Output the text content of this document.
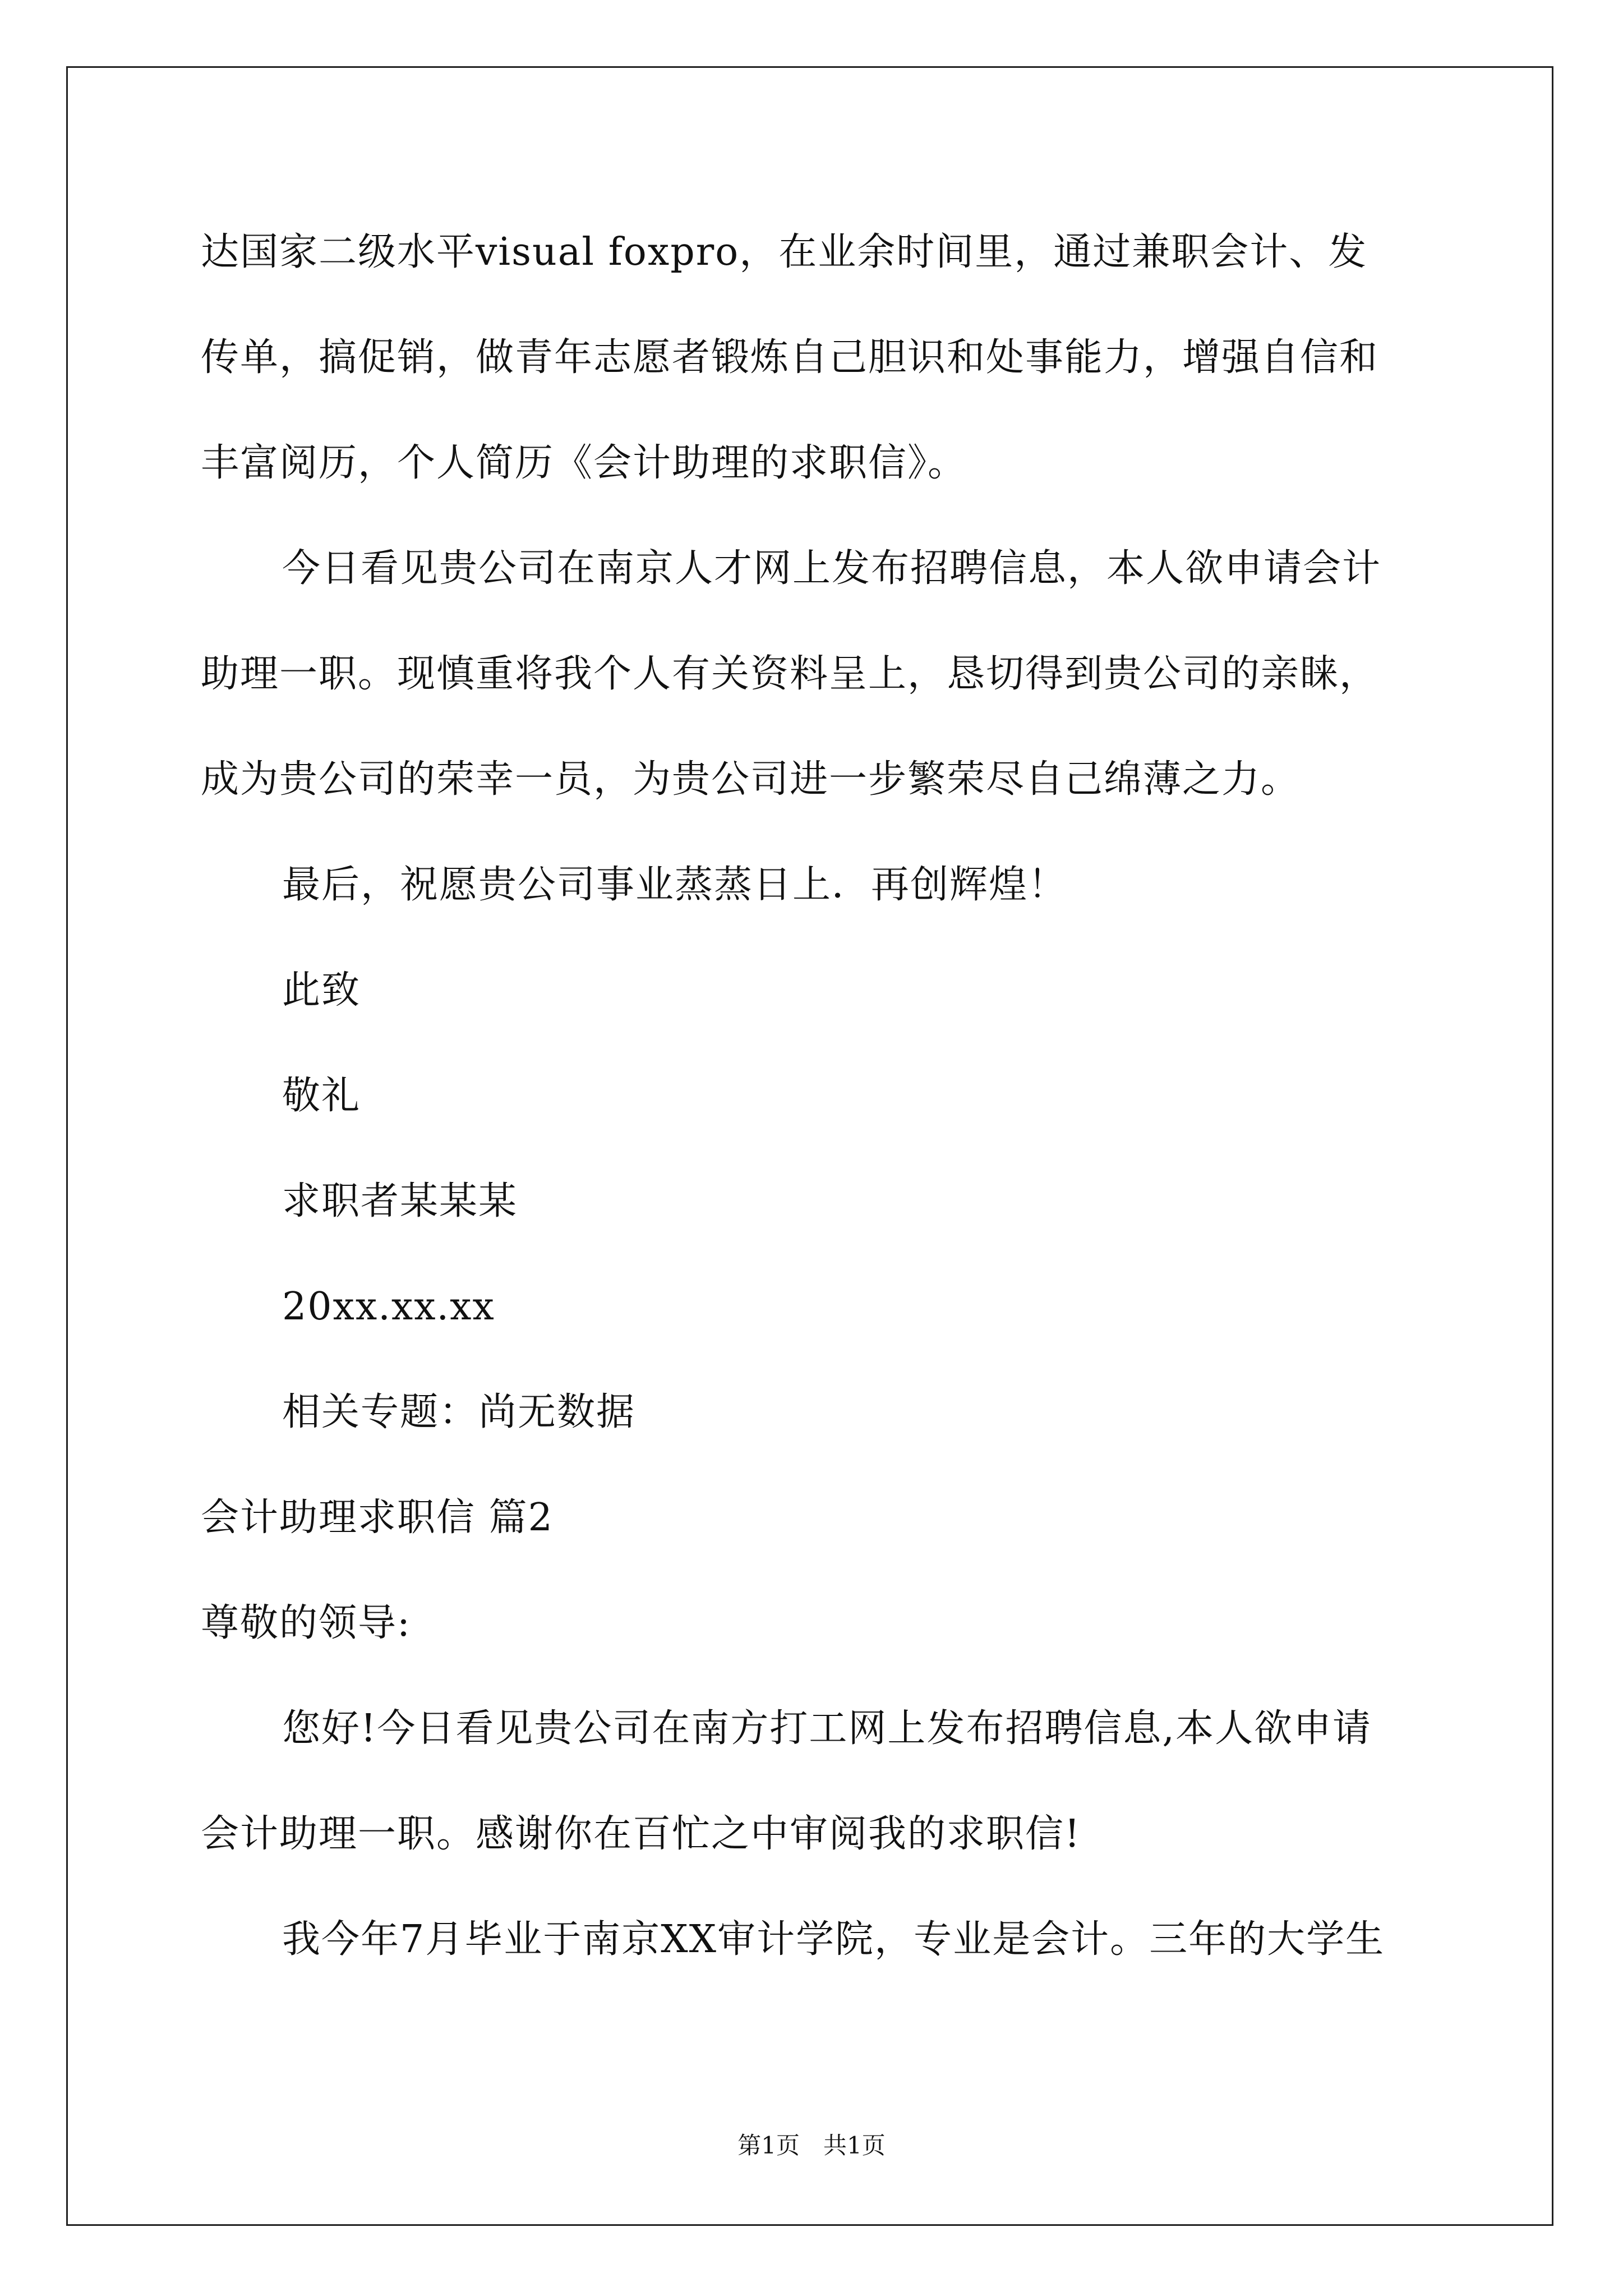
达国家二级水平visual foxpro，在业余时间里，通过兼职会计、发
传单，搞促销，做青年志愿者锻炼自己胆识和处事能力，增强自信和
丰富阅历，个人简历《会计助理的求职信》。
今日看见贵公司在南京人才网上发布招聘信息，本人欲申请会计
助理一职。现慎重将我个人有关资料呈上，恳切得到贵公司的亲睐，
成为贵公司的荣幸一员，为贵公司进一步繁荣尽自己绵薄之力。
最后，祝愿贵公司事业蒸蒸日上．再创辉煌！
此致
敬礼
求职者某某某
20xx.xx.xx
相关专题：尚无数据
会计助理求职信 篇2
尊敬的领导:
您好!今日看见贵公司在南方打工网上发布招聘信息,本人欲申请
会计助理一职。感谢你在百忙之中审阅我的求职信!
我今年7月毕业于南京XX审计学院，专业是会计。三年的大学生
第1页　共1页
